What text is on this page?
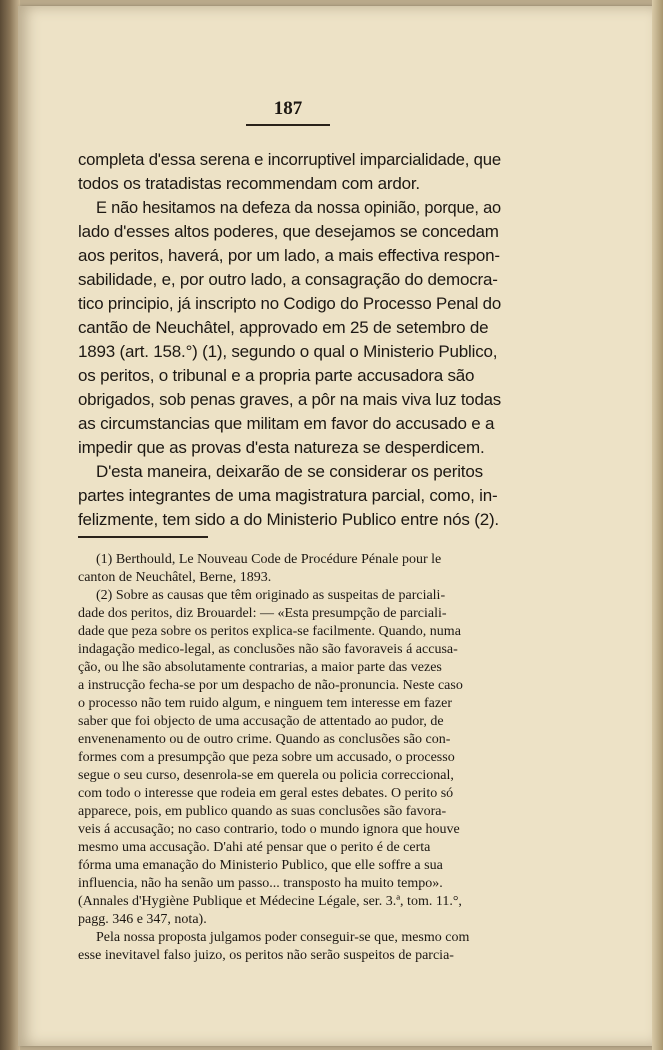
187
completa d'essa serena e incorruptivel imparcialidade, que
todos os tratadistas recommendam com ardor.
E não hesitamos na defeza da nossa opinião, porque, ao
lado d'esses altos poderes, que desejamos se concedam
aos peritos, haverá, por um lado, a mais effectiva respon-
sabilidade, e, por outro lado, a consagração do democra-
tico principio, já inscripto no Codigo do Processo Penal do
cantão de Neuchâtel, approvado em 25 de setembro de
1893 (art. 158.°) (1), segundo o qual o Ministerio Publico,
os peritos, o tribunal e a propria parte accusadora são
obrigados, sob penas graves, a pôr na mais viva luz todas
as circumstancias que militam em favor do accusado e a
impedir que as provas d'esta natureza se desperdicem.
D'esta maneira, deixarão de se considerar os peritos
partes integrantes de uma magistratura parcial, como, in-
felizmente, tem sido a do Ministerio Publico entre nós (2).
(1) Berthould, Le Nouveau Code de Procédure Pénale pour le
canton de Neuchâtel, Berne, 1893.
(2) Sobre as causas que têm originado as suspeitas de parciali-
dade dos peritos, diz Brouardel: — «Esta presumpção de parciali-
dade que peza sobre os peritos explica-se facilmente. Quando, numa
indagação medico-legal, as conclusões não são favoraveis á accusa-
ção, ou lhe são absolutamente contrarias, a maior parte das vezes
a instrucção fecha-se por um despacho de não-pronuncia. Neste caso
o processo não tem ruido algum, e ninguem tem interesse em fazer
saber que foi objecto de uma accusação de attentado ao pudor, de
envenenamento ou de outro crime. Quando as conclusões são con-
formes com a presumpção que peza sobre um accusado, o processo
segue o seu curso, desenrola-se em querela ou policia correccional,
com todo o interesse que rodeia em geral estes debates. O perito só
apparece, pois, em publico quando as suas conclusões são favora-
veis á accusação; no caso contrario, todo o mundo ignora que houve
mesmo uma accusação. D'ahi até pensar que o perito é de certa
fórma uma emanação do Ministerio Publico, que elle soffre a sua
influencia, não ha senão um passo... transposto ha muito tempo».
(Annales d'Hygiène Publique et Médecine Légale, ser. 3.ª, tom. 11.°,
pagg. 346 e 347, nota).
Pela nossa proposta julgamos poder conseguir-se que, mesmo com
esse inevitavel falso juizo, os peritos não serão suspeitos de parcia-
